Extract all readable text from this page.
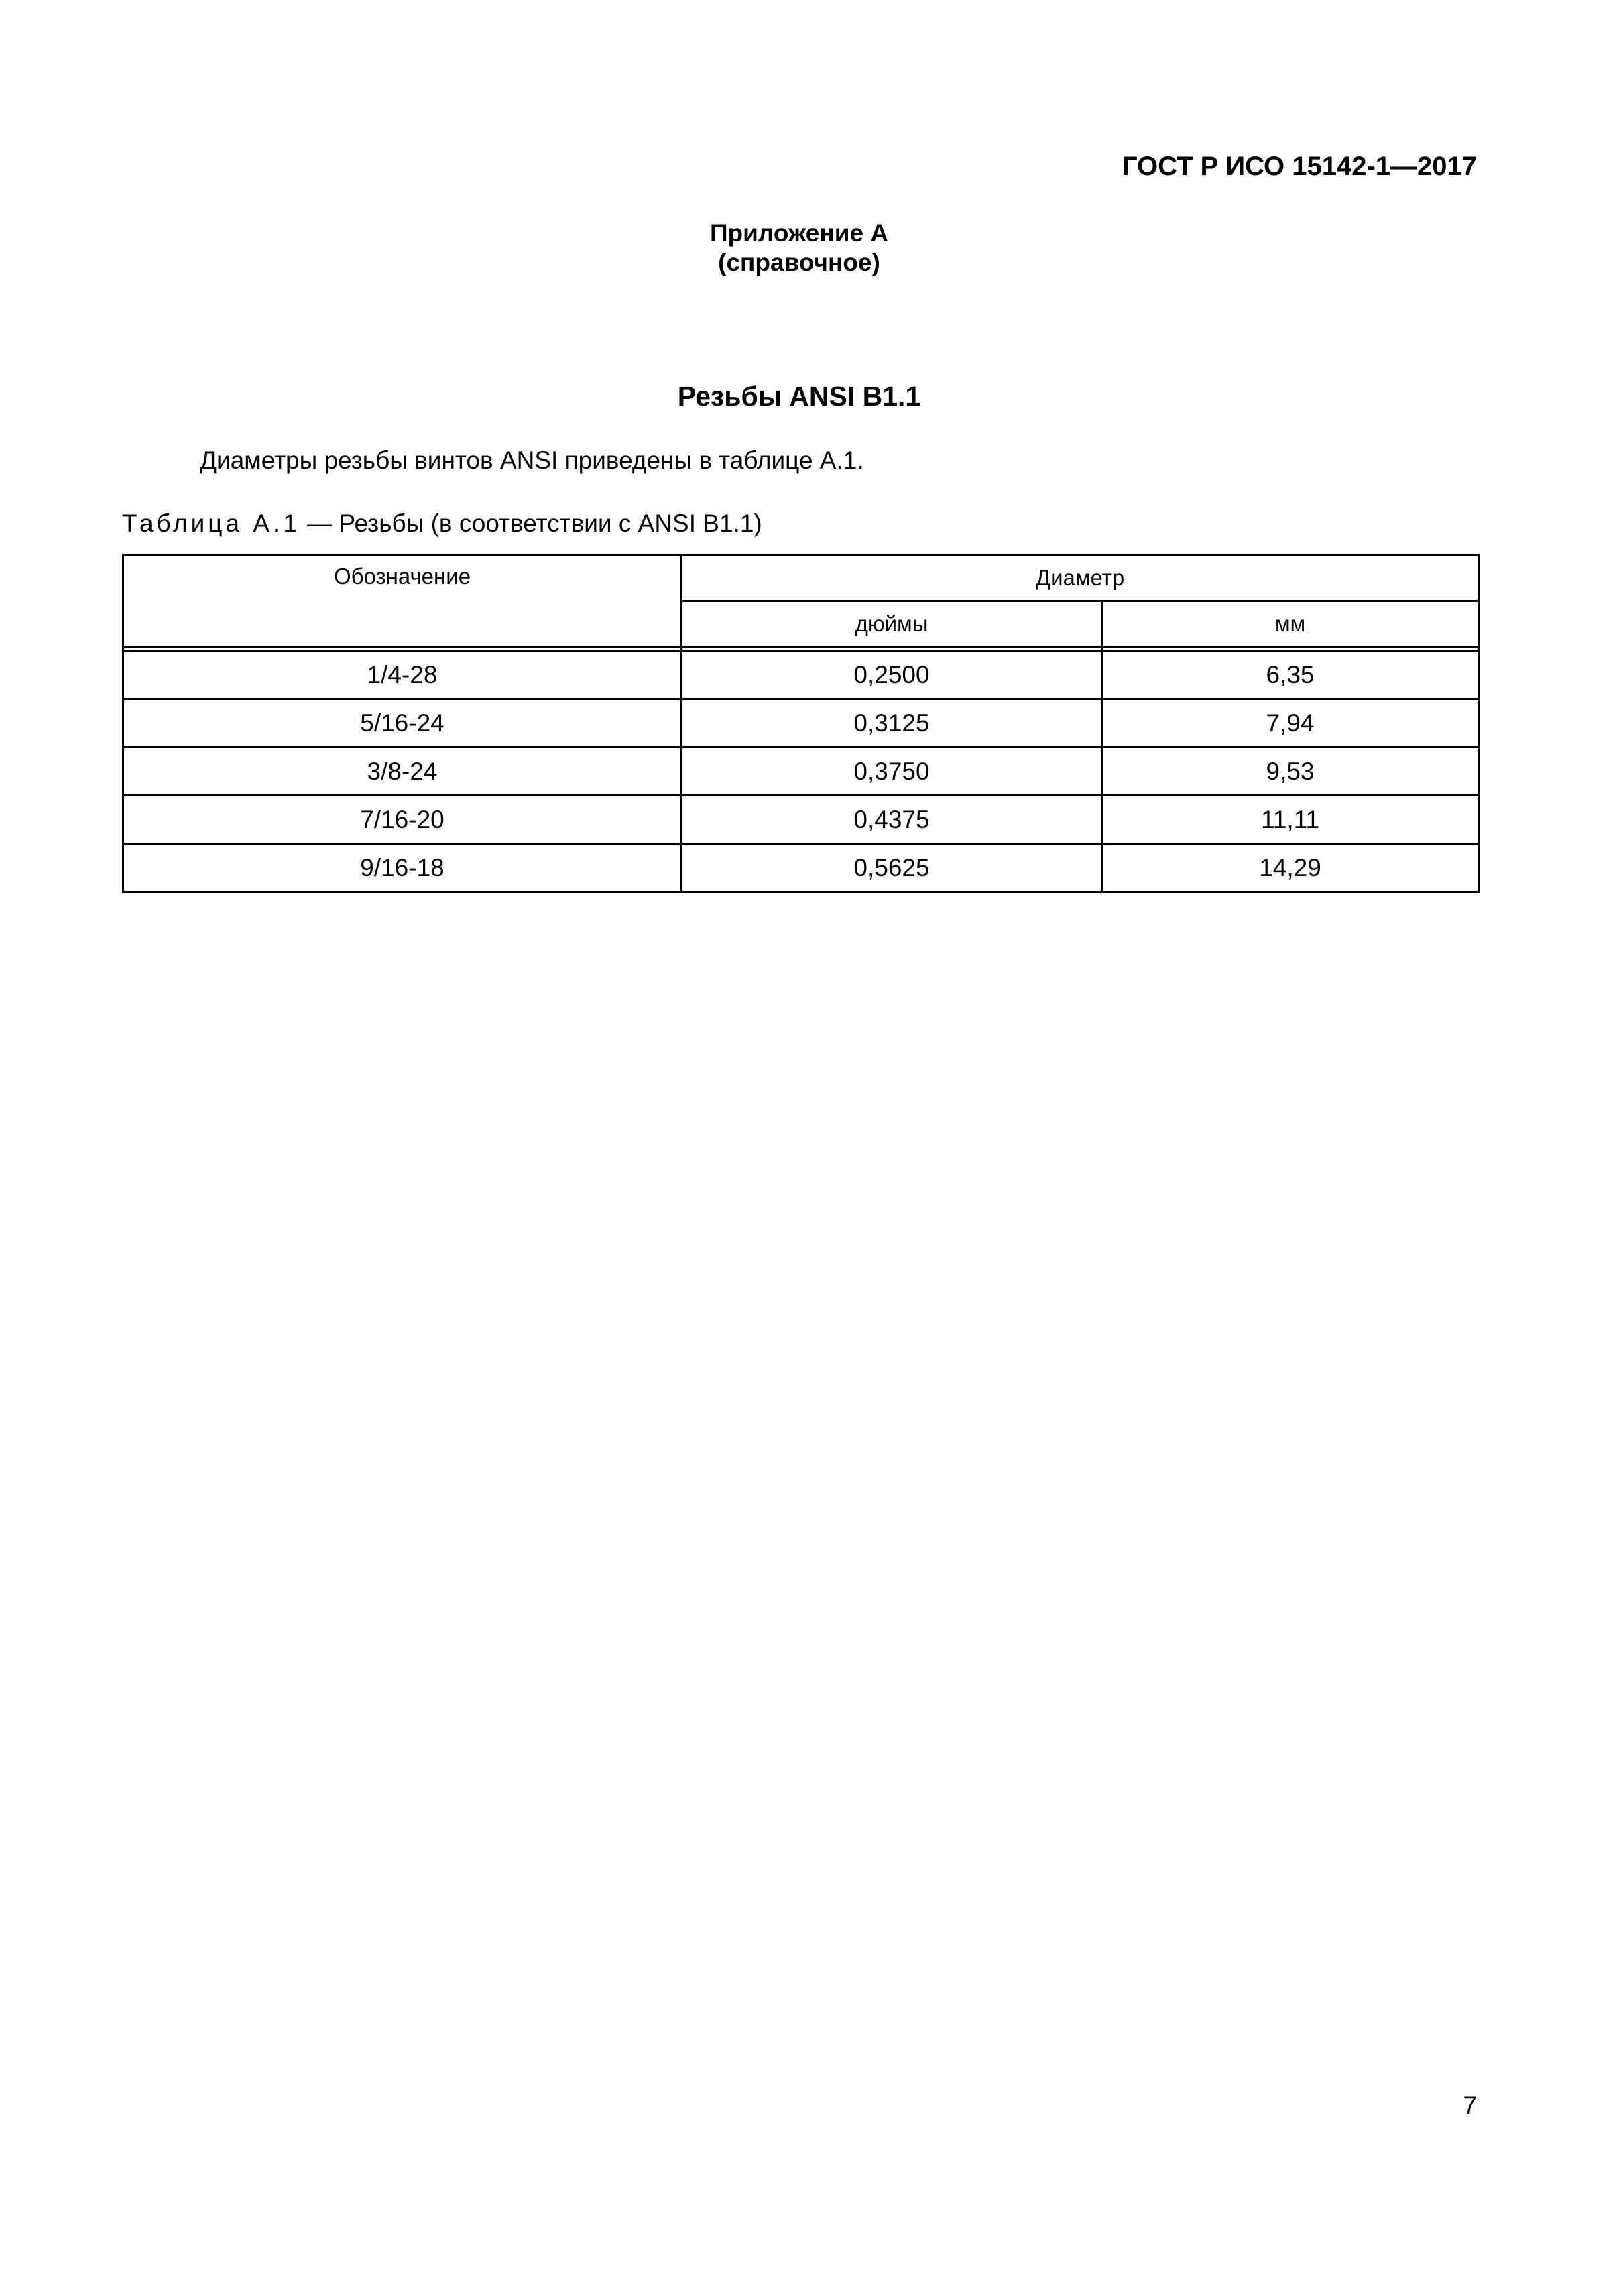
ГОСТ Р ИСО 15142-1—2017
Приложение А
(справочное)
Резьбы ANSI B1.1
Диаметры резьбы винтов ANSI приведены в таблице А.1.
Таблица А.1 — Резьбы (в соответствии с ANSI B1.1)
Обозначение	Диаметр	
	дюймы	мм

1/4-28	0,2500	6,35
5/16-24	0,3125	7,94
3/8-24	0,3750	9,53
7/16-20	0,4375	11,11
9/16-18	0,5625	14,29
7
